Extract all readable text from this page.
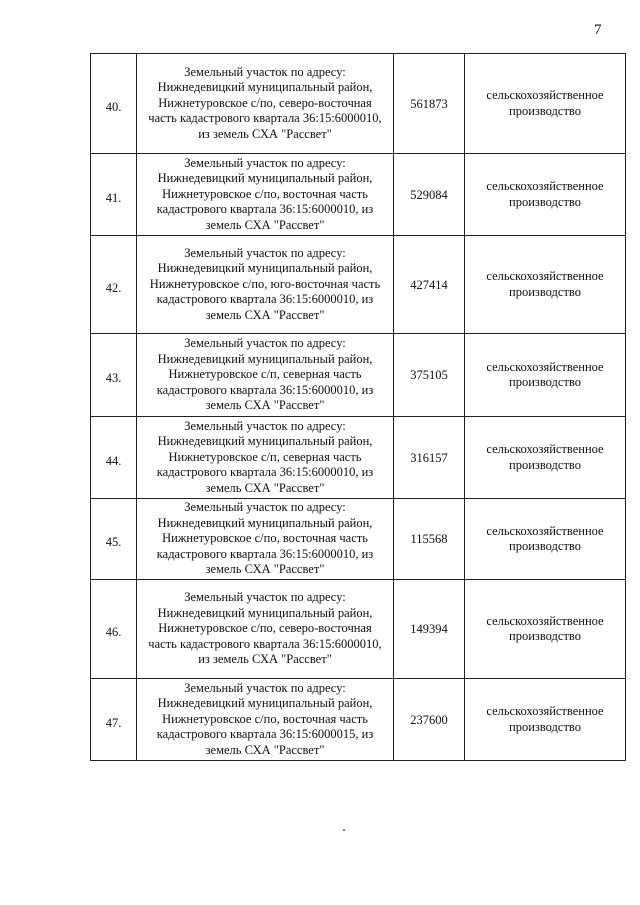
7
40.	Земельный участок по адресу:
Нижнедевицкий муниципальный район,
Нижнетуровское с/по, северо-восточная
часть кадастрового квартала 36:15:6000010,
из земель СХА "Рассвет"	561873	сельскохозяйственное
производство

41.	Земельный участок по адресу:
Нижнедевицкий муниципальный район,
Нижнетуровское с/по, восточная часть
кадастрового квартала 36:15:6000010, из
земель СХА "Рассвет"	529084	сельскохозяйственное
производство

42.	Земельный участок по адресу:
Нижнедевицкий муниципальный район,
Нижнетуровское с/по, юго-восточная часть
кадастрового квартала 36:15:6000010, из
земель СХА "Рассвет"	427414	сельскохозяйственное
производство

43.	Земельный участок по адресу:
Нижнедевицкий муниципальный район,
Нижнетуровское с/п, северная часть
кадастрового квартала 36:15:6000010, из
земель СХА "Рассвет"	375105	сельскохозяйственное
производство

44.	Земельный участок по адресу:
Нижнедевицкий муниципальный район,
Нижнетуровское с/п, северная часть
кадастрового квартала 36:15:6000010, из
земель СХА "Рассвет"	316157	сельскохозяйственное
производство

45.	Земельный участок по адресу:
Нижнедевицкий муниципальный район,
Нижнетуровское с/по, восточная часть
кадастрового квартала 36:15:6000010, из
земель СХА "Рассвет"	115568	сельскохозяйственное
производство

46.	Земельный участок по адресу:
Нижнедевицкий муниципальный район,
Нижнетуровское с/по, северо-восточная
часть кадастрового квартала 36:15:6000010,
из земель СХА "Рассвет"	149394	сельскохозяйственное
производство

47.	Земельный участок по адресу:
Нижнедевицкий муниципальный район,
Нижнетуровское с/по, восточная часть
кадастрового квартала 36:15:6000015, из
земель СХА "Рассвет"	237600	сельскохозяйственное
производство
